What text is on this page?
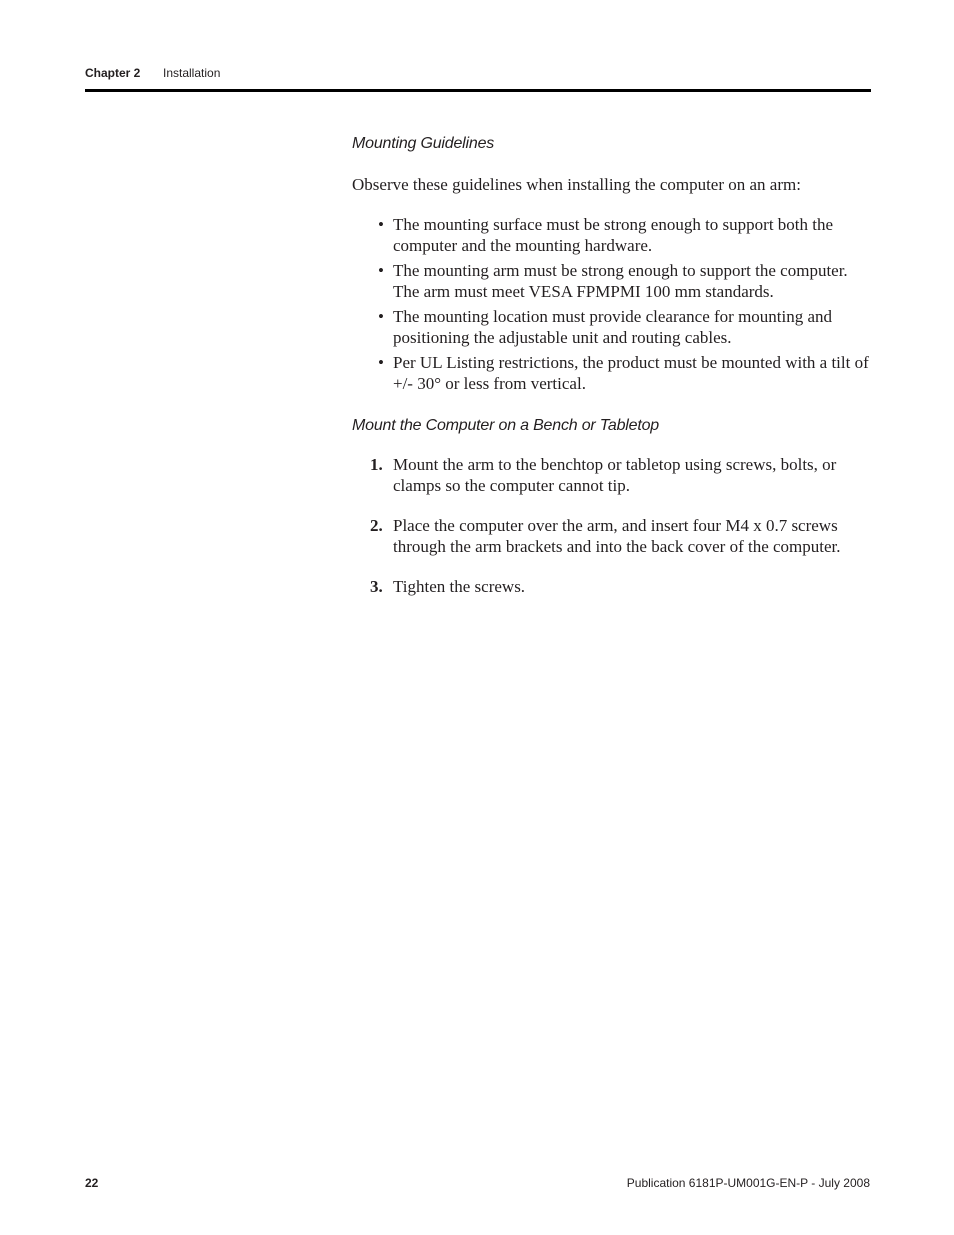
Chapter 2 Installation
Mounting Guidelines

Observe these guidelines when installing the computer on an arm:

• The mounting surface must be strong enough to support both the computer and the mounting hardware.
• The mounting arm must be strong enough to support the computer. The arm must meet VESA FPMPMI 100 mm standards.
• The mounting location must provide clearance for mounting and positioning the adjustable unit and routing cables.
• Per UL Listing restrictions, the product must be mounted with a tilt of +/- 30° or less from vertical.
Mount the Computer on a Bench or Tabletop
1. Mount the arm to the benchtop or tabletop using screws, bolts, or clamps so the computer cannot tip.
2. Place the computer over the arm, and insert four M4 x 0.7 screws through the arm brackets and into the back cover of the computer.
3. Tighten the screws.
22	Publication 6181P-UM001G-EN-P - July 2008
